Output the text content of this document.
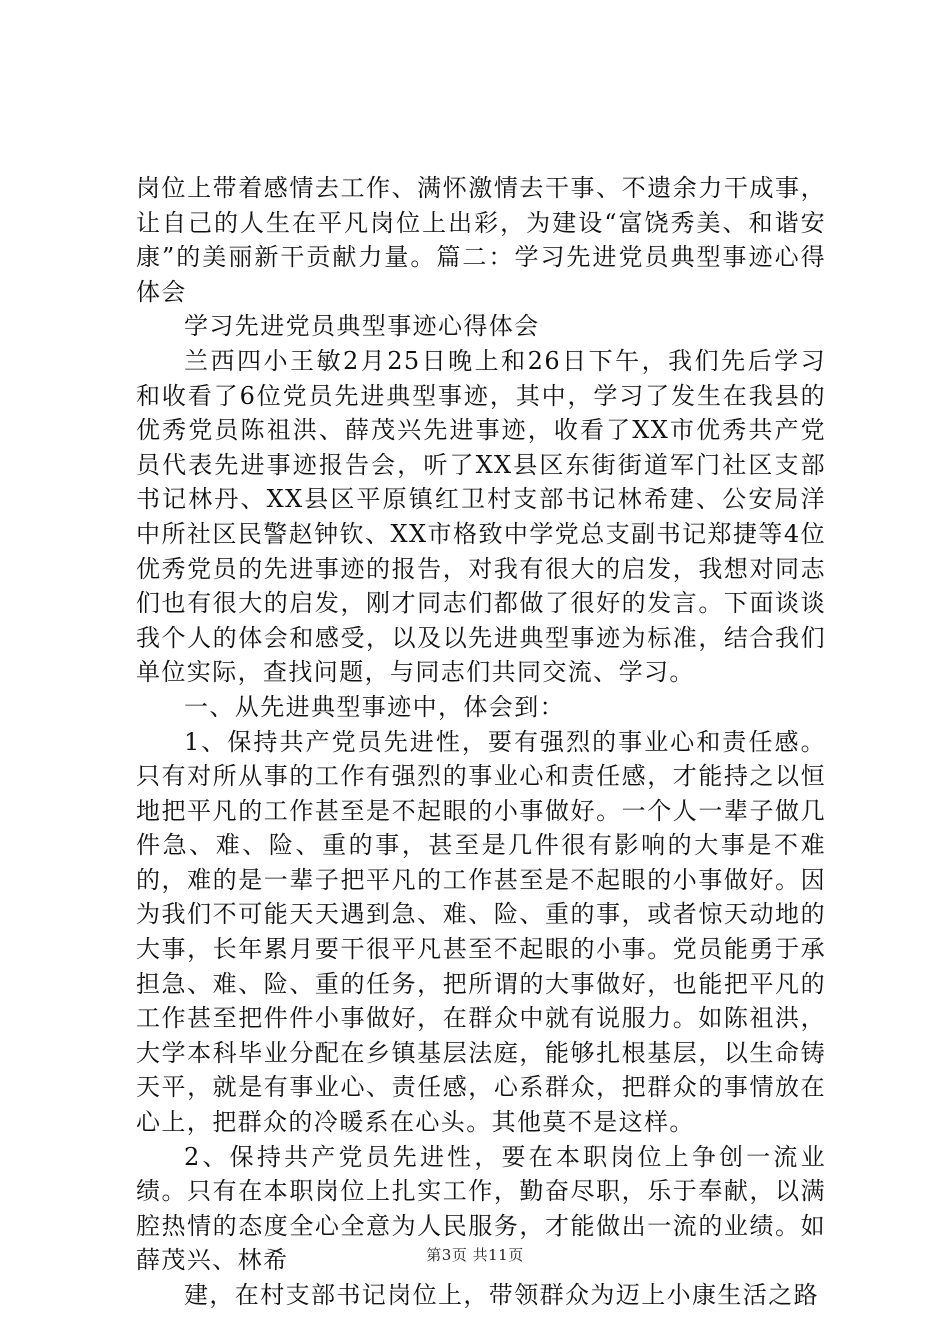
岗位上带着感情去工作、满怀激情去干事、不遗余力干成事，让自己的人生在平凡岗位上出彩，为建设“富饶秀美、和谐安康”的美丽新干贡献力量。篇二：学习先进党员典型事迹心得体会

学习先进党员典型事迹心得体会

兰西四小王敏2月25日晚上和26日下午，我们先后学习和收看了6位党员先进典型事迹，其中，学习了发生在我县的优秀党员陈祖洪、薛茂兴先进事迹，收看了XX市优秀共产党员代表先进事迹报告会，听了XX县区东街街道军门社区支部书记林丹、XX县区平原镇红卫村支部书记林希建、公安局洋中所社区民警赵钟钦、XX市格致中学党总支副书记郑捷等4位优秀党员的先进事迹的报告，对我有很大的启发，我想对同志们也有很大的启发，刚才同志们都做了很好的发言。下面谈谈我个人的体会和感受，以及以先进典型事迹为标准，结合我们单位实际，查找问题，与同志们共同交流、学习。

一、从先进典型事迹中，体会到：

1、保持共产党员先进性，要有强烈的事业心和责任感。只有对所从事的工作有强烈的事业心和责任感，才能持之以恒地把平凡的工作甚至是不起眼的小事做好。一个人一辈子做几件急、难、险、重的事，甚至是几件很有影响的大事是不难的，难的是一辈子把平凡的工作甚至是不起眼的小事做好。因为我们不可能天天遇到急、难、险、重的事，或者惊天动地的大事，长年累月要干很平凡甚至不起眼的小事。党员能勇于承担急、难、险、重的任务，把所谓的大事做好，也能把平凡的工作甚至把件件小事做好，在群众中就有说服力。如陈祖洪，大学本科毕业分配在乡镇基层法庭，能够扎根基层，以生命铸天平，就是有事业心、责任感，心系群众，把群众的事情放在心上，把群众的冷暖系在心头。其他莫不是这样。

2、保持共产党员先进性，要在本职岗位上争创一流业绩。只有在本职岗位上扎实工作，勤奋尽职，乐于奉献，以满腔热情的态度全心全意为人民服务，才能做出一流的业绩。如薛茂兴、林希

建，在村支部书记岗位上，带领群众为迈上小康生活之路

第3页 共11页
